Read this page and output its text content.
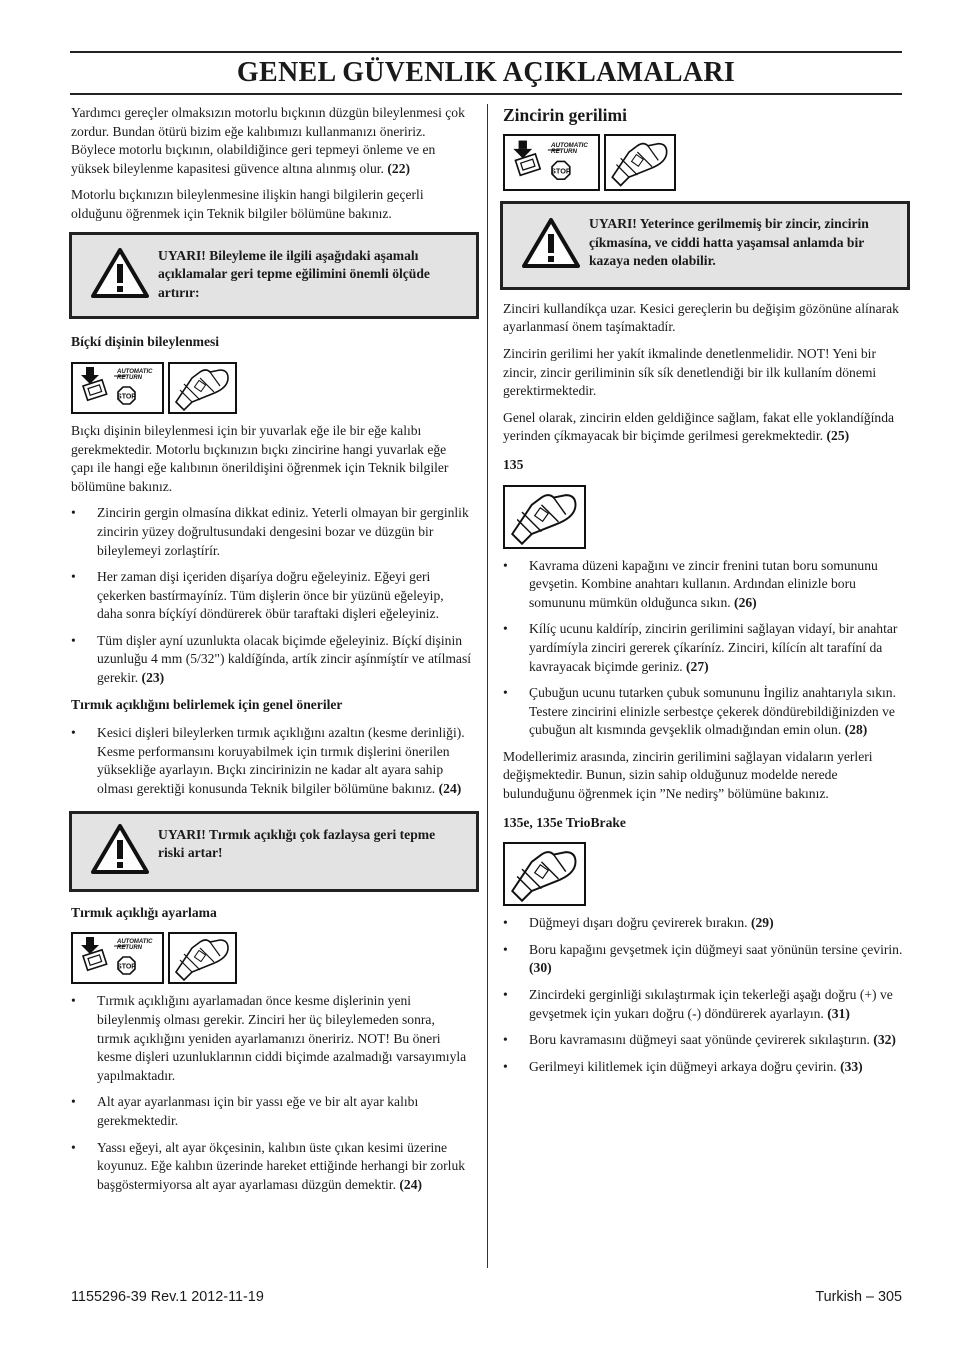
GENEL GÜVENLIK AÇIKLAMALARI

Yardımcı gereçler olmaksızın motorlu bıçkının düzgün bileylenmesi çok zordur. Bundan ötürü bizim eğe kalıbımızı kullanmanızı öneririz. Böylece motorlu bıçkının, olabildiğince geri tepmeyi önleme ve en yüksek bileylenme kapasitesi güvence altına alınmış olur. (22)

Motorlu bıçkınızın bileylenmesine ilişkin hangi bilgilerin geçerli olduğunu öğrenmek için Teknik bilgiler bölümüne bakınız.

UYARI! Bileyleme ile ilgili aşağıdaki aşamalı açıklamalar geri tepme eğilimini önemli ölçüde artırır:

Bíçkí dişinin bileylenmesi

AUTOMATIC
RETURN
STOP

Bıçkı dişinin bileylenmesi için bir yuvarlak eğe ile bir eğe kalıbı gerekmektedir. Motorlu bıçkınızın bıçkı zincirine hangi yuvarlak eğe çapı ile hangi eğe kalıbının önerildişini öğrenmek için Teknik bilgiler bölümüne bakınız.

• Zincirin gergin olmasína dikkat ediniz. Yeterli olmayan bir gerginlik zincirin yüzey doğrultusundaki dengesini bozar ve düzgün bir bileylemeyi zorlaştírír.
• Her zaman dişi içeriden dişaríya doğru eğeleyiniz. Eğeyi geri çekerken bastírmayíníz. Tüm dişlerin önce bir yüzünü eğeleyip, daha sonra bíçkíyí döndürerek öbür taraftaki dişleri eğeleyiniz.
• Tüm dişler ayní uzunlukta olacak biçimde eğeleyiniz. Bíçkí dişinin uzunluğu 4 mm (5/32") kaldíğínda, artík zincir aşínmíştír ve atílmasí gerekir. (23)

Tırmık açıklığını belirlemek için genel öneriler

• Kesici dişleri bileylerken tırmık açıklığını azaltın (kesme derinliği). Kesme performansını koruyabilmek için tırmık dişlerini önerilen yüksekliğe ayarlayın. Bıçkı zincirinizin ne kadar alt ayara sahip olması gerektiği konusunda Teknik bilgiler bölümüne bakınız. (24)
UYARI! Tırmık açıklığı çok fazlaysa geri tepme riski artar!

Tırmık açıklığı ayarlama

AUTOMATIC
RETURN
STOP
• Tırmık açıklığını ayarlamadan önce kesme dişlerinin yeni bileylenmiş olması gerekir. Zinciri her üç bileylemeden sonra, tırmık açıklığını yeniden ayarlamanızı öneririz. NOT! Bu öneri kesme dişleri uzunluklarının ciddi biçimde azalmadığı varsayımıyla yapılmaktadır.
• Alt ayar ayarlanması için bir yassı eğe ve bir alt ayar kalıbı gerekmektedir.
• Yassı eğeyi, alt ayar ökçesinin, kalıbın üste çıkan kesimi üzerine koyunuz. Eğe kalıbın üzerinde hareket ettiğinde herhangi bir zorluk başgöstermiyorsa alt ayar ayarlaması düzgün demektir. (24)
Zincirin gerilimi
AUTOMATIC
RETURN
STOP
UYARI! Yeterince gerilmemiş bir zincir, zincirin çíkmasína, ve ciddi hatta yaşamsal anlamda bir kazaya neden olabilir.

Zinciri kullandíkça uzar. Kesici gereçlerin bu değişim gözönüne alínarak ayarlanmasí önem taşímaktadír.

Zincirin gerilimi her yakít ikmalinde denetlenmelidir. NOT! Yeni bir zincir, zincir geriliminin sík sík denetlendiği bir ilk kullaním dönemi gerektirmektedir.

Genel olarak, zincirin elden geldiğince sağlam, fakat elle yoklandíğínda yerinden çíkmayacak bir biçimde gerilmesi gerekmektedir. (25)

135

• Kavrama düzeni kapağını ve zincir frenini tutan boru somununu gevşetin. Kombine anahtarı kullanın. Ardından elinizle boru somununu mümkün olduğunca sıkın. (26)
• Kílíç ucunu kaldíríp, zincirin gerilimini sağlayan vidayí, bir anahtar yardímíyla zinciri gererek çíkaríníz. Zinciri, kílícín alt tarafíní da kavrayacak biçimde geriniz. (27)
• Çubuğun ucunu tutarken çubuk somununu İngiliz anahtarıyla sıkın. Testere zincirini elinizle serbestçe çekerek döndürebildiğinizden ve çubuğun alt kısmında gevşeklik olmadığından emin olun. (28)

Modellerimiz arasında, zincirin gerilimini sağlayan vidaların yerleri değişmektedir. Bunun, sizin sahip olduğunuz modelde nerede bulunduğunu öğrenmek için ”Ne nedirş” bölümüne bakınız.

135e, 135e TrioBrake

• Düğmeyi dışarı doğru çevirerek bırakın. (29)
• Boru kapağını gevşetmek için düğmeyi saat yönünün tersine çevirin. (30)
• Zincirdeki gerginliği sıkılaştırmak için tekerleği aşağı doğru (+) ve gevşetmek için yukarı doğru (-) döndürerek ayarlayın. (31)
• Boru kavramasını düğmeyi saat yönünde çevirerek sıkılaştırın. (32)
• Gerilmeyi kilitlemek için düğmeyi arkaya doğru çevirin. (33)
1155296-39 Rev.1 2012-11-19	Turkish – 305
